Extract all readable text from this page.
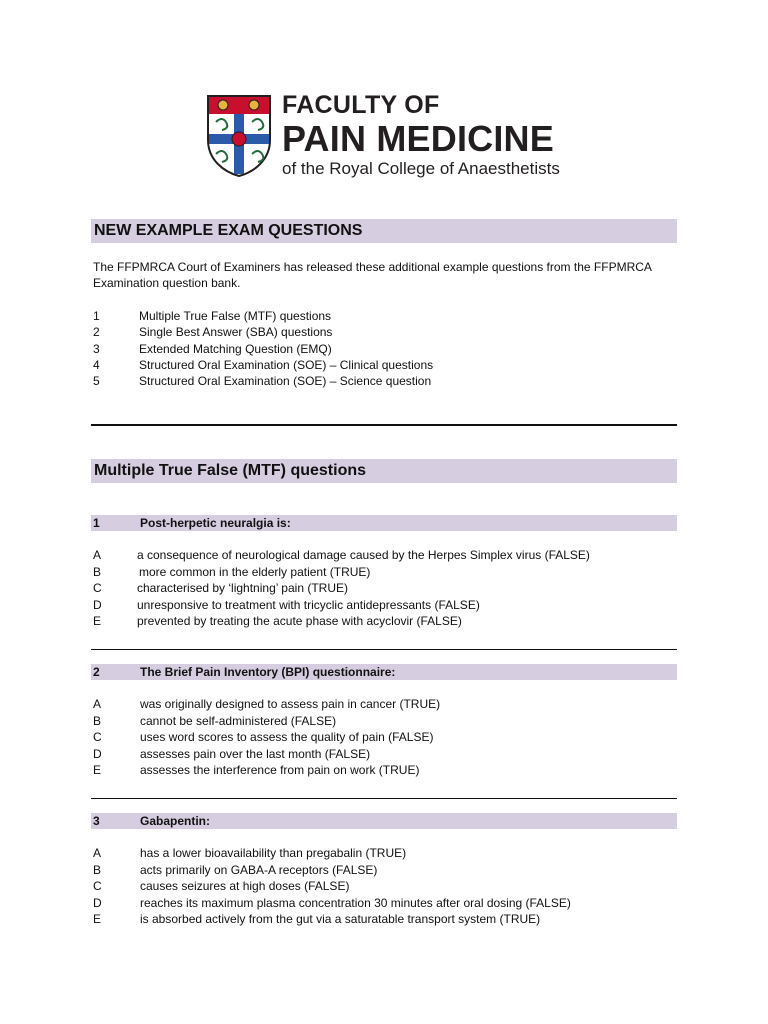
FACULTY OF
PAIN MEDICINE
of the Royal College of Anaesthetists
NEW EXAMPLE EXAM QUESTIONS
The FFPMRCA Court of Examiners has released these additional example questions from the FFPMRCA Examination question bank.
1	Multiple True False (MTF) questions
2	Single Best Answer (SBA) questions
3	Extended Matching Question (EMQ)
4	Structured Oral Examination (SOE) – Clinical questions
5	Structured Oral Examination (SOE) – Science question
Multiple True False (MTF) questions
1	Post-herpetic neuralgia is:
A	a consequence of neurological damage caused by the Herpes Simplex virus (FALSE)
B	more common in the elderly patient (TRUE)
C	characterised by ‘lightning’ pain (TRUE)
D	unresponsive to treatment with tricyclic antidepressants (FALSE)
E	prevented by treating the acute phase with acyclovir (FALSE)
2	The Brief Pain Inventory (BPI) questionnaire:
A	was originally designed to assess pain in cancer (TRUE)
B	cannot be self-administered (FALSE)
C	uses word scores to assess the quality of pain (FALSE)
D	assesses pain over the last month (FALSE)
E	assesses the interference from pain on work (TRUE)
3	Gabapentin:
A	has a lower bioavailability than pregabalin (TRUE)
B	acts primarily on GABA-A receptors (FALSE)
C	causes seizures at high doses (FALSE)
D	reaches its maximum plasma concentration 30 minutes after oral dosing (FALSE)
E	is absorbed actively from the gut via a saturatable transport system (TRUE)
